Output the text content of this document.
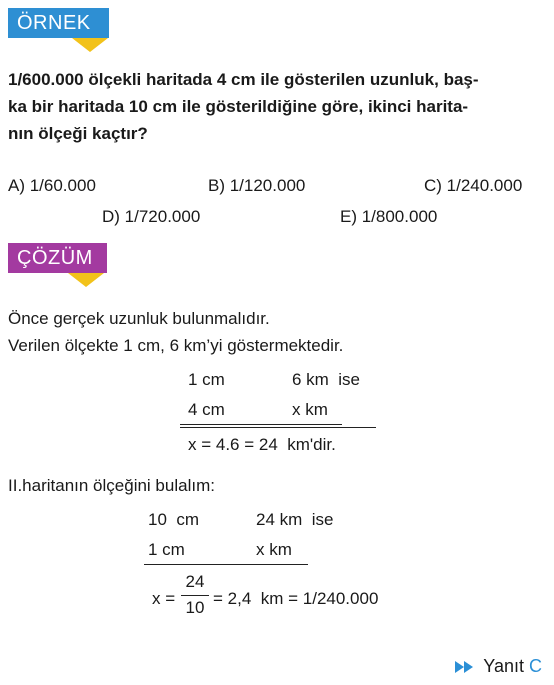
ÖRNEK
1/600.000 ölçekli haritada 4 cm ile gösterilen uzunluk, baş-
ka bir haritada 10 cm ile gösterildiğine göre, ikinci harita-
nın ölçeği kaçtır?
A) 1/60.000	B) 1/120.000	C) 1/240.000
D) 1/720.000	E) 1/800.000
ÇÖZÜM
Önce gerçek uzunluk bulunmalıdır.
Verilen ölçekte 1 cm, 6 km’yi göstermektedir.
1 cm	6 km  ise
4 cm	x km
x = 4.6 = 24  km'dir.
II.haritanın ölçeğini bulalım:
10  cm	24 km  ise
1 cm	x km
x =
24
10 = 2,4  km = 1/240.000
Yanıt C
